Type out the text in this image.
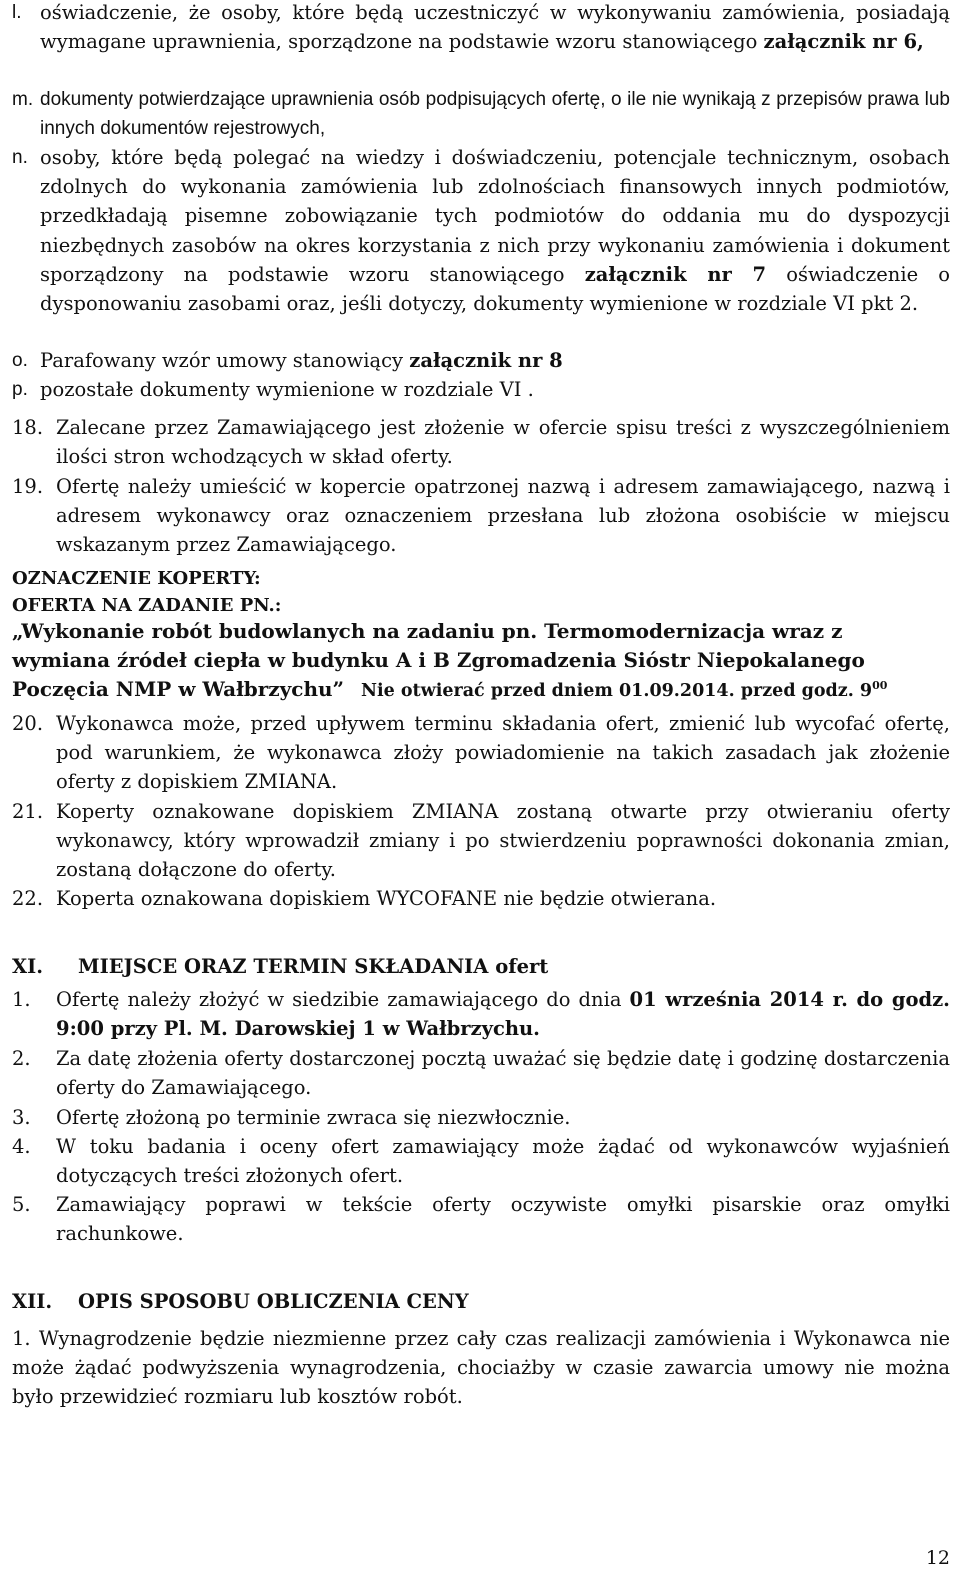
l. oświadczenie, że osoby, które będą uczestniczyć w wykonywaniu zamówienia, posiadają wymagane uprawnienia, sporządzone na podstawie wzoru stanowiącego załącznik nr 6,
m. dokumenty potwierdzające uprawnienia osób podpisujących ofertę, o ile nie wynikają z przepisów prawa lub innych dokumentów rejestrowych,
n. osoby, które będą polegać na wiedzy i doświadczeniu, potencjale technicznym, osobach zdolnych do wykonania zamówienia lub zdolnościach finansowych innych podmiotów, przedkładają pisemne zobowiązanie tych podmiotów do oddania mu do dyspozycji niezbędnych zasobów na okres korzystania z nich przy wykonaniu zamówienia i dokument sporządzony na podstawie wzoru stanowiącego załącznik nr 7 oświadczenie o dysponowaniu zasobami oraz, jeśli dotyczy, dokumenty wymienione w rozdziale VI pkt 2.
o. Parafowany wzór umowy stanowiący załącznik nr 8
p. pozostałe dokumenty wymienione w rozdziale VI .
18. Zalecane przez Zamawiającego jest złożenie w ofercie spisu treści z wyszczególnieniem ilości stron wchodzących w skład oferty.
19. Ofertę należy umieścić w kopercie opatrzonej nazwą i adresem zamawiającego, nazwą i adresem wykonawcy oraz oznaczeniem przesłana lub złożona osobiście w miejscu wskazanym przez Zamawiającego.
OZNACZENIE KOPERTY:
OFERTA NA ZADANIE PN.:
„Wykonanie robót budowlanych na zadaniu pn. Termomodernizacja wraz z
wymiana źródeł ciepła w budynku A i B Zgromadzenia Sióstr Niepokalanego
Poczęcia NMP w Wałbrzychu” Nie otwierać przed dniem 01.09.2014. przed godz. $9^{00}$
20. Wykonawca może, przed upływem terminu składania ofert, zmienić lub wycofać ofertę, pod warunkiem, że wykonawca złoży powiadomienie na takich zasadach jak złożenie oferty z dopiskiem ZMIANA.
21. Koperty oznakowane dopiskiem ZMIANA zostaną otwarte przy otwieraniu oferty wykonawcy, który wprowadził zmiany i po stwierdzeniu poprawności dokonania zmian, zostaną dołączone do oferty.
22. Koperta oznakowana dopiskiem WYCOFANE nie będzie otwierana.
XI. MIEJSCE ORAZ TERMIN SKŁADANIA ofert
1.	Ofertę należy złożyć w siedzibie zamawiającego do dnia 01 września 2014 r. do godz. 9:00 przy Pl. M. Darowskiej 1 w Wałbrzychu.
2.	Za datę złożenia oferty dostarczonej pocztą uważać się będzie datę i godzinę dostarczenia oferty do Zamawiającego.
3.	Ofertę złożoną po terminie zwraca się niezwłocznie.
4.	W toku badania i oceny ofert zamawiający może żądać od wykonawców wyjaśnień dotyczących treści złożonych ofert.
5.	Zamawiający poprawi w tekście oferty oczywiste omyłki pisarskie oraz omyłki rachunkowe.
XII. OPIS SPOSOBU OBLICZENIA CENY
1. Wynagrodzenie będzie niezmienne przez cały czas realizacji zamówienia i Wykonawca nie może żądać podwyższenia wynagrodzenia, chociażby w czasie zawarcia umowy nie można było przewidzieć rozmiaru lub kosztów robót.
12
